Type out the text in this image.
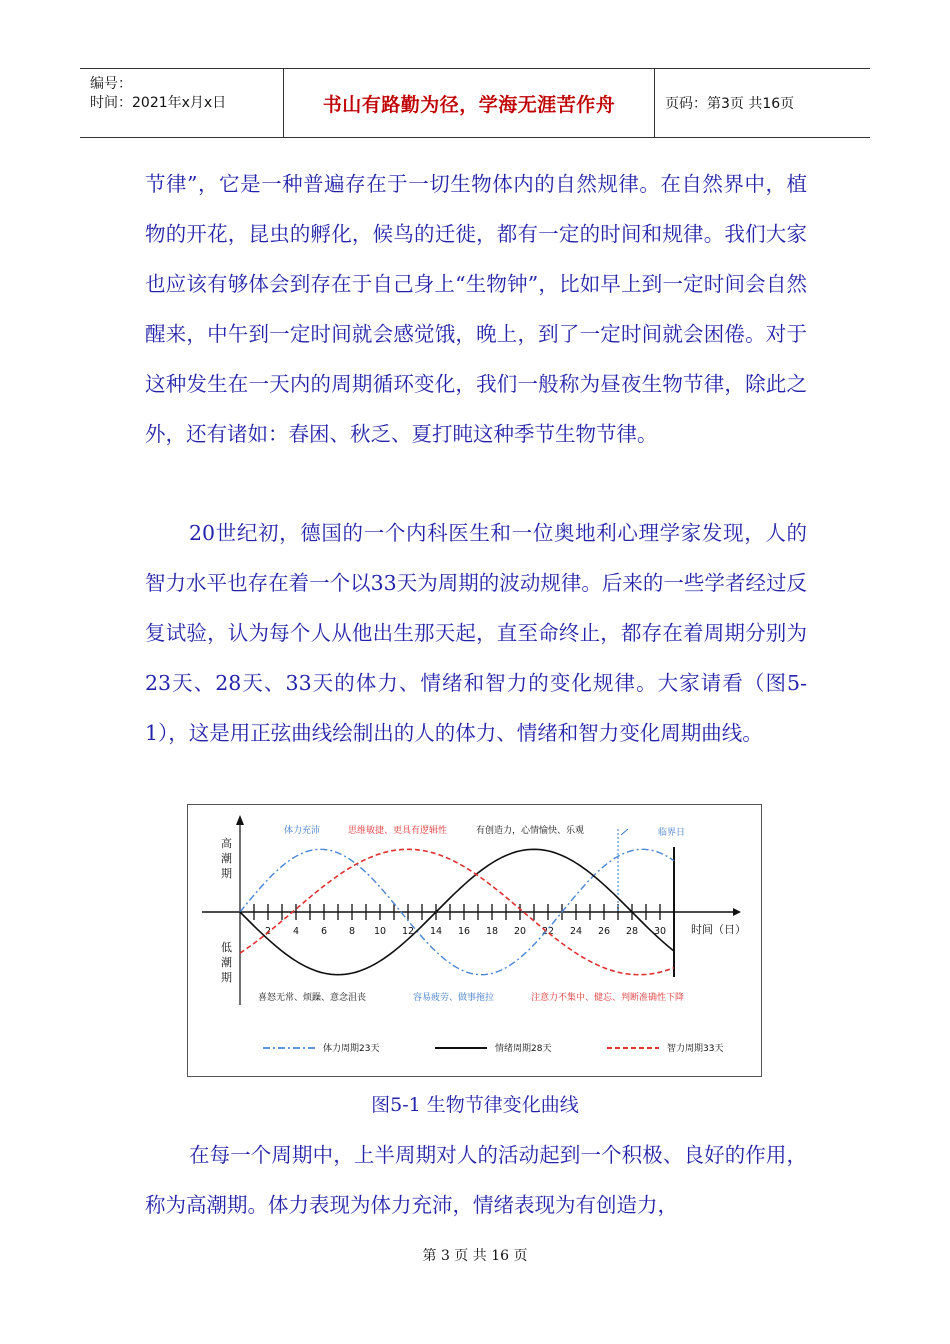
编号：
时间：2021年x月x日	书山有路勤为径，学海无涯苦作舟	页码：第3页 共16页

节律”，它是一种普遍存在于一切生物体内的自然规律。在自然界中，植物的开花，昆虫的孵化，候鸟的迁徙，都有一定的时间和规律。我们大家也应该有够体会到存在于自己身上“生物钟”，比如早上到一定时间会自然醒来，中午到一定时间就会感觉饿，晚上，到了一定时间就会困倦。对于这种发生在一天内的周期循环变化，我们一般称为昼夜生物节律，除此之外，还有诸如：春困、秋乏、夏打盹这种季节生物节律。

20世纪初，德国的一个内科医生和一位奥地利心理学家发现，人的智力水平也存在着一个以33天为周期的波动规律。后来的一些学者经过反复试验，认为每个人从他出生那天起，直至命终止，都存在着周期分别为23天、28天、33天的体力、情绪和智力的变化规律。大家请看（图5-1），这是用正弦曲线绘制出的人的体力、情绪和智力变化周期曲线。

2 4 6 8 10 12 14 16 18 20 22 24 26 28 30
高潮期
低潮期
体力充沛	思维敏捷、更具有逻辑性	有创造力，心情愉快、乐观	临界日
喜怒无常、烦躁、意念沮丧	容易疲劳、做事拖拉	注意力不集中、健忘、判断准确性下降
时间（日）
体力周期23天	情绪周期28天	智力周期33天
图5-1 生物节律变化曲线

在每一个周期中，上半周期对人的活动起到一个积极、良好的作用，称为高潮期。体力表现为体力充沛，情绪表现为有创造力，

第 3 页 共 16 页
